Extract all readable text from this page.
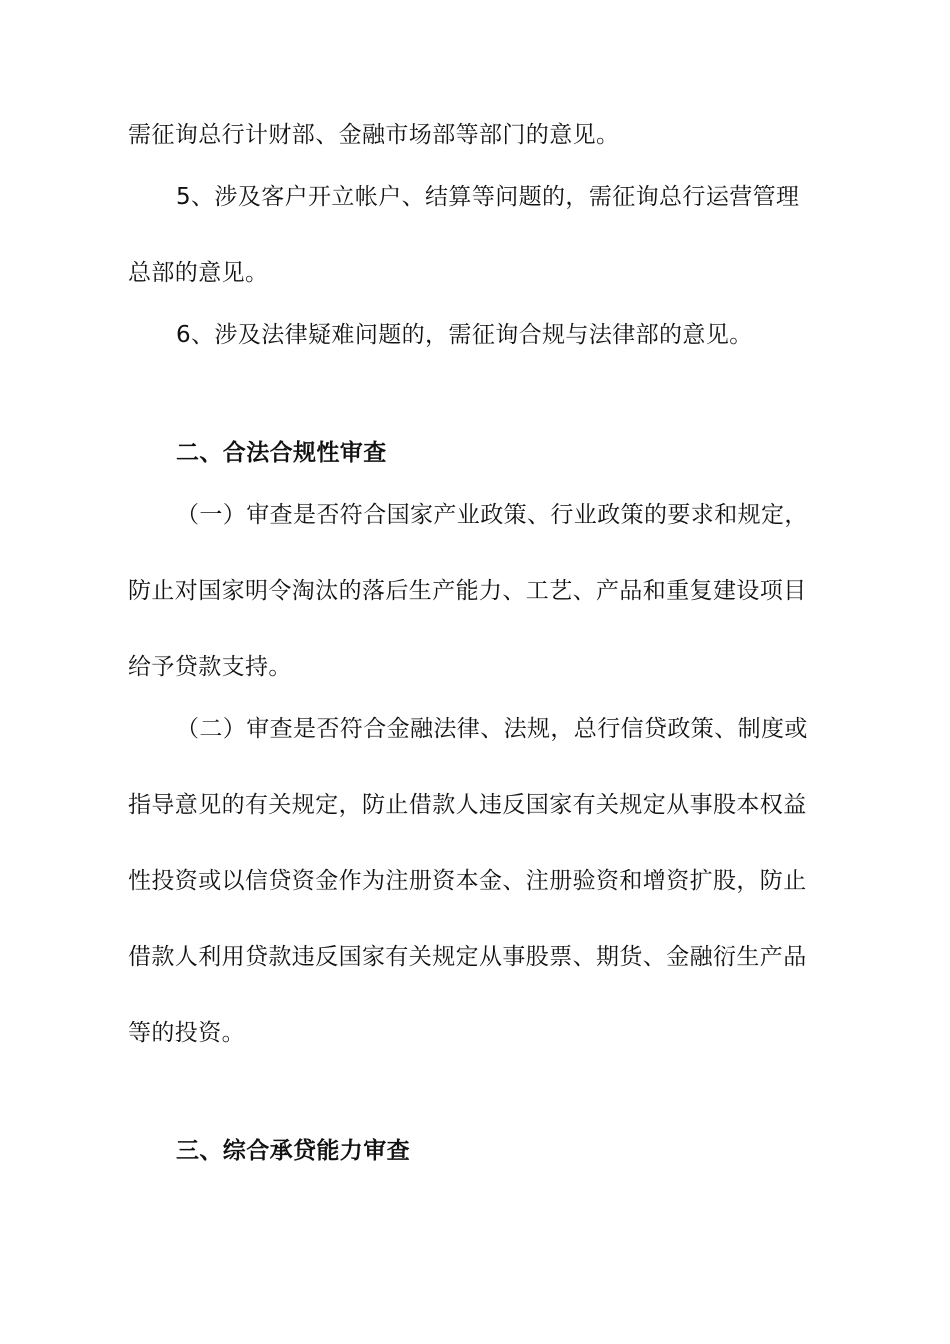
需征询总行计财部、金融市场部等部门的意见。
5、涉及客户开立帐户、结算等问题的，需征询总行运营管理
总部的意见。
6、涉及法律疑难问题的，需征询合规与法律部的意见。
二、合法合规性审查
（一）审查是否符合国家产业政策、行业政策的要求和规定，
防止对国家明令淘汰的落后生产能力、工艺、产品和重复建设项目
给予贷款支持。
（二）审查是否符合金融法律、法规，总行信贷政策、制度或
指导意见的有关规定，防止借款人违反国家有关规定从事股本权益
性投资或以信贷资金作为注册资本金、注册验资和增资扩股，防止
借款人利用贷款违反国家有关规定从事股票、期货、金融衍生产品
等的投资。
三、综合承贷能力审查
